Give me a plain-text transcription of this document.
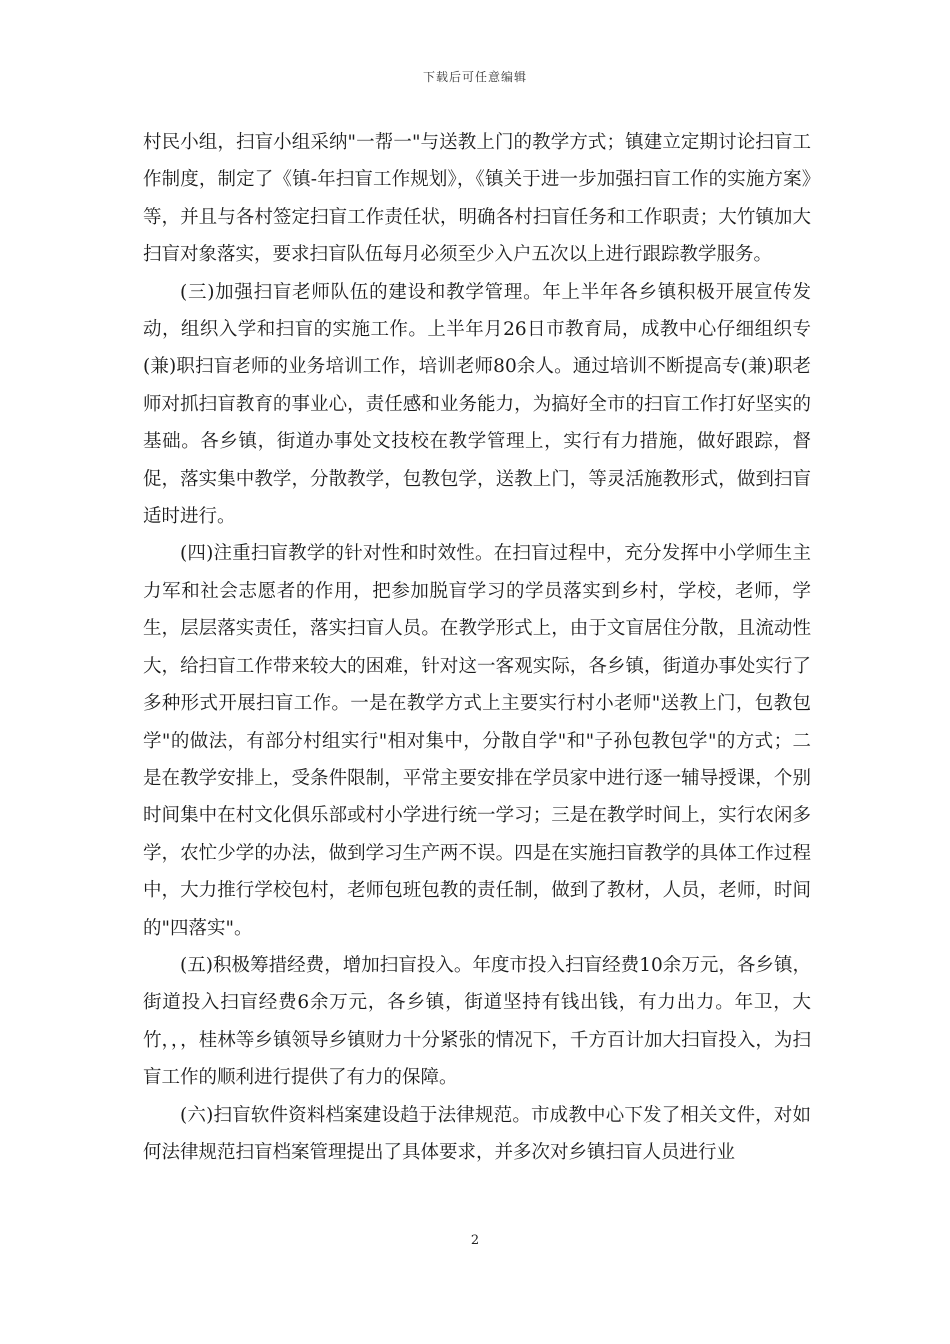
下载后可任意编辑

村民小组，扫盲小组采纳"一帮一"与送教上门的教学方式；镇建立定期讨论扫盲工作制度，制定了《镇-年扫盲工作规划》，《镇关于进一步加强扫盲工作的实施方案》等，并且与各村签定扫盲工作责任状，明确各村扫盲任务和工作职责；大竹镇加大扫盲对象落实，要求扫盲队伍每月必须至少入户五次以上进行跟踪教学服务。

(三)加强扫盲老师队伍的建设和教学管理。年上半年各乡镇积极开展宣传发动，组织入学和扫盲的实施工作。上半年月26日市教育局，成教中心仔细组织专(兼)职扫盲老师的业务培训工作，培训老师80余人。通过培训不断提高专(兼)职老师对抓扫盲教育的事业心，责任感和业务能力，为搞好全市的扫盲工作打好坚实的基础。各乡镇，街道办事处文技校在教学管理上，实行有力措施，做好跟踪，督促，落实集中教学，分散教学，包教包学，送教上门，等灵活施教形式，做到扫盲适时进行。

(四)注重扫盲教学的针对性和时效性。在扫盲过程中，充分发挥中小学师生主力军和社会志愿者的作用，把参加脱盲学习的学员落实到乡村，学校，老师，学生，层层落实责任，落实扫盲人员。在教学形式上，由于文盲居住分散，且流动性大，给扫盲工作带来较大的困难，针对这一客观实际，各乡镇，街道办事处实行了多种形式开展扫盲工作。一是在教学方式上主要实行村小老师"送教上门，包教包学"的做法，有部分村组实行"相对集中，分散自学"和"子孙包教包学"的方式；二是在教学安排上，受条件限制，平常主要安排在学员家中进行逐一辅导授课，个别时间集中在村文化俱乐部或村小学进行统一学习；三是在教学时间上，实行农闲多学，农忙少学的办法，做到学习生产两不误。四是在实施扫盲教学的具体工作过程中，大力推行学校包村，老师包班包教的责任制，做到了教材，人员，老师，时间的"四落实"。

(五)积极筹措经费，增加扫盲投入。年度市投入扫盲经费10余万元，各乡镇，街道投入扫盲经费6余万元，各乡镇，街道坚持有钱出钱，有力出力。年卫，大竹，，，桂林等乡镇领导乡镇财力十分紧张的情况下，千方百计加大扫盲投入，为扫盲工作的顺利进行提供了有力的保障。

(六)扫盲软件资料档案建设趋于法律规范。市成教中心下发了相关文件，对如何法律规范扫盲档案管理提出了具体要求，并多次对乡镇扫盲人员进行业

2
